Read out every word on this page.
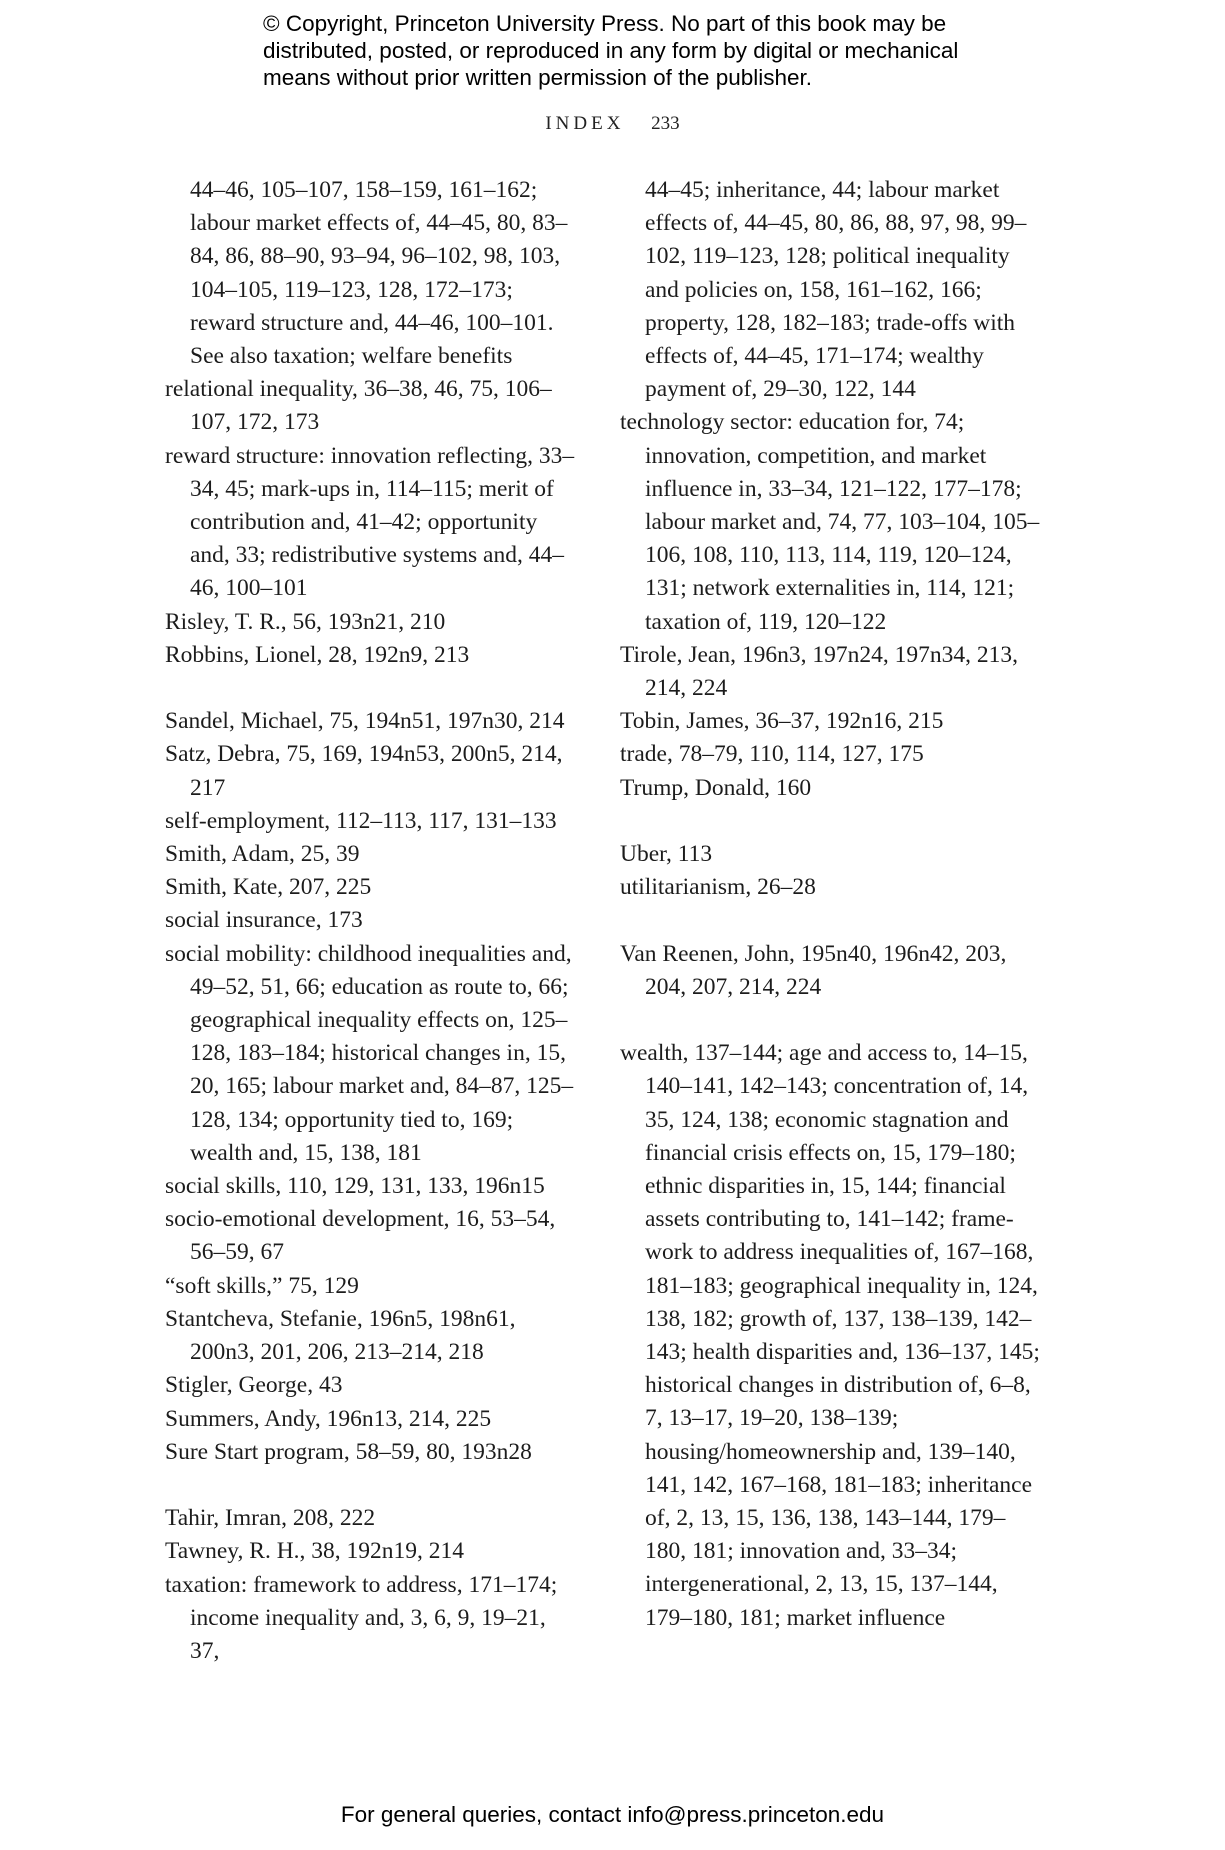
© Copyright, Princeton University Press. No part of this book may be distributed, posted, or reproduced in any form by digital or mechanical means without prior written permission of the publisher.
INDEX 233
44–46, 105–107, 158–159, 161–162; labour market effects of, 44–45, 80, 83–84, 86, 88–90, 93–94, 96–102, 98, 103, 104–105, 119–123, 128, 172–173; reward structure and, 44–46, 100–101. See also taxation; welfare benefits
relational inequality, 36–38, 46, 75, 106–107, 172, 173
reward structure: innovation reflecting, 33–34, 45; mark-ups in, 114–115; merit of contribution and, 41–42; opportunity and, 33; redistributive systems and, 44–46, 100–101
Risley, T. R., 56, 193n21, 210
Robbins, Lionel, 28, 192n9, 213
Sandel, Michael, 75, 194n51, 197n30, 214
Satz, Debra, 75, 169, 194n53, 200n5, 214, 217
self-employment, 112–113, 117, 131–133
Smith, Adam, 25, 39
Smith, Kate, 207, 225
social insurance, 173
social mobility: childhood inequalities and, 49–52, 51, 66; education as route to, 66; geographical inequality effects on, 125–128, 183–184; historical changes in, 15, 20, 165; labour market and, 84–87, 125–128, 134; opportunity tied to, 169; wealth and, 15, 138, 181
social skills, 110, 129, 131, 133, 196n15
socio-emotional development, 16, 53–54, 56–59, 67
“soft skills,” 75, 129
Stantcheva, Stefanie, 196n5, 198n61, 200n3, 201, 206, 213–214, 218
Stigler, George, 43
Summers, Andy, 196n13, 214, 225
Sure Start program, 58–59, 80, 193n28
Tahir, Imran, 208, 222
Tawney, R. H., 38, 192n19, 214
taxation: framework to address, 171–174; income inequality and, 3, 6, 9, 19–21, 37,
44–45; inheritance, 44; labour market effects of, 44–45, 80, 86, 88, 97, 98, 99–102, 119–123, 128; political inequality and policies on, 158, 161–162, 166; property, 128, 182–183; trade-offs with effects of, 44–45, 171–174; wealthy payment of, 29–30, 122, 144
technology sector: education for, 74; innovation, competition, and market influence in, 33–34, 121–122, 177–178; labour market and, 74, 77, 103–104, 105–106, 108, 110, 113, 114, 119, 120–124, 131; network externalities in, 114, 121; taxation of, 119, 120–122
Tirole, Jean, 196n3, 197n24, 197n34, 213, 214, 224
Tobin, James, 36–37, 192n16, 215
trade, 78–79, 110, 114, 127, 175
Trump, Donald, 160
Uber, 113
utilitarianism, 26–28
Van Reenen, John, 195n40, 196n42, 203, 204, 207, 214, 224
wealth, 137–144; age and access to, 14–15, 140–141, 142–143; concentration of, 14, 35, 124, 138; economic stagnation and financial crisis effects on, 15, 179–180; ethnic disparities in, 15, 144; financial assets contributing to, 141–142; frame-work to address inequalities of, 167–168, 181–183; geographical inequality in, 124, 138, 182; growth of, 137, 138–139, 142–143; health disparities and, 136–137, 145; historical changes in distribution of, 6–8, 7, 13–17, 19–20, 138–139; housing/homeownership and, 139–140, 141, 142, 167–168, 181–183; inheritance of, 2, 13, 15, 136, 138, 143–144, 179–180, 181; innovation and, 33–34; intergenerational, 2, 13, 15, 137–144, 179–180, 181; market influence
For general queries, contact info@press.princeton.edu
